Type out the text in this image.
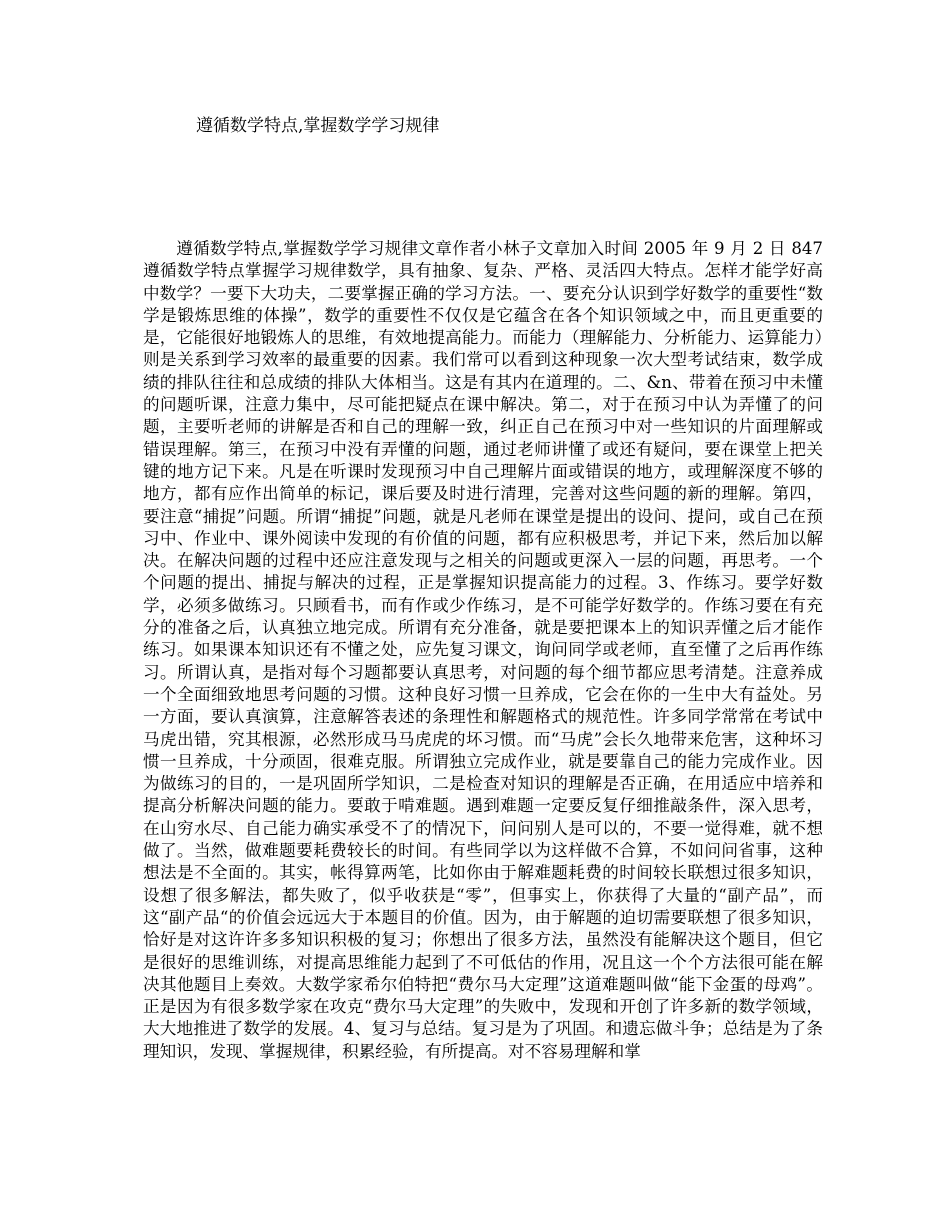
遵循数学特点,掌握数学学习规律

遵循数学特点,掌握数学学习规律文章作者小林子文章加入时间 2005 年 9 月 2 日 847 遵循数学特点掌握学习规律数学，具有抽象、复杂、严格、灵活四大特点。怎样才能学好高中数学？一要下大功夫，二要掌握正确的学习方法。一、要充分认识到学好数学的重要性“数学是锻炼思维的体操”，数学的重要性不仅仅是它蕴含在各个知识领域之中，而且更重要的是，它能很好地锻炼人的思维，有效地提高能力。而能力（理解能力、分析能力、运算能力）则是关系到学习效率的最重要的因素。我们常可以看到这种现象一次大型考试结束，数学成绩的排队往往和总成绩的排队大体相当。这是有其内在道理的。二、&n、带着在预习中未懂的问题听课，注意力集中，尽可能把疑点在课中解决。第二，对于在预习中认为弄懂了的问题，主要听老师的讲解是否和自己的理解一致，纠正自己在预习中对一些知识的片面理解或错误理解。第三，在预习中没有弄懂的问题，通过老师讲懂了或还有疑问，要在课堂上把关键的地方记下来。凡是在听课时发现预习中自己理解片面或错误的地方，或理解深度不够的地方，都有应作出简单的标记，课后要及时进行清理，完善对这些问题的新的理解。第四，要注意“捕捉”问题。所谓“捕捉”问题，就是凡老师在课堂是提出的设问、提问，或自己在预习中、作业中、课外阅读中发现的有价值的问题，都有应积极思考，并记下来，然后加以解决。在解决问题的过程中还应注意发现与之相关的问题或更深入一层的问题，再思考。一个个问题的提出、捕捉与解决的过程，正是掌握知识提高能力的过程。3、作练习。要学好数学，必须多做练习。只顾看书，而有作或少作练习，是不可能学好数学的。作练习要在有充分的准备之后，认真独立地完成。所谓有充分准备，就是要把课本上的知识弄懂之后才能作练习。如果课本知识还有不懂之处，应先复习课文，询问同学或老师，直至懂了之后再作练习。所谓认真，是指对每个习题都要认真思考，对问题的每个细节都应思考清楚。注意养成一个全面细致地思考问题的习惯。这种良好习惯一旦养成，它会在你的一生中大有益处。另一方面，要认真演算，注意解答表述的条理性和解题格式的规范性。许多同学常常在考试中马虎出错，究其根源，必然形成马马虎虎的坏习惯。而“马虎”会长久地带来危害，这种坏习惯一旦养成，十分顽固，很难克服。所谓独立完成作业，就是要靠自己的能力完成作业。因为做练习的目的，一是巩固所学知识，二是检查对知识的理解是否正确，在用适应中培养和提高分析解决问题的能力。要敢于啃难题。遇到难题一定要反复仔细推敲条件，深入思考，在山穷水尽、自己能力确实承受不了的情况下，问问别人是可以的，不要一觉得难，就不想做了。当然，做难题要耗费较长的时间。有些同学以为这样做不合算，不如问问省事，这种想法是不全面的。其实，帐得算两笔，比如你由于解难题耗费的时间较长联想过很多知识，设想了很多解法，都失败了，似乎收获是“零”，但事实上，你获得了大量的“副产品”，而这“副产品“的价值会远远大于本题目的价值。因为，由于解题的迫切需要联想了很多知识，恰好是对这许许多多知识积极的复习；你想出了很多方法，虽然没有能解决这个题目，但它是很好的思维训练，对提高思维能力起到了不可低估的作用，况且这一个个方法很可能在解决其他题目上奏效。大数学家希尔伯特把“费尔马大定理”这道难题叫做“能下金蛋的母鸡”。正是因为有很多数学家在攻克“费尔马大定理”的失败中，发现和开创了许多新的数学领域，大大地推进了数学的发展。4、复习与总结。复习是为了巩固。和遗忘做斗争；总结是为了条理知识，发现、掌握规律，积累经验，有所提高。对不容易理解和掌
